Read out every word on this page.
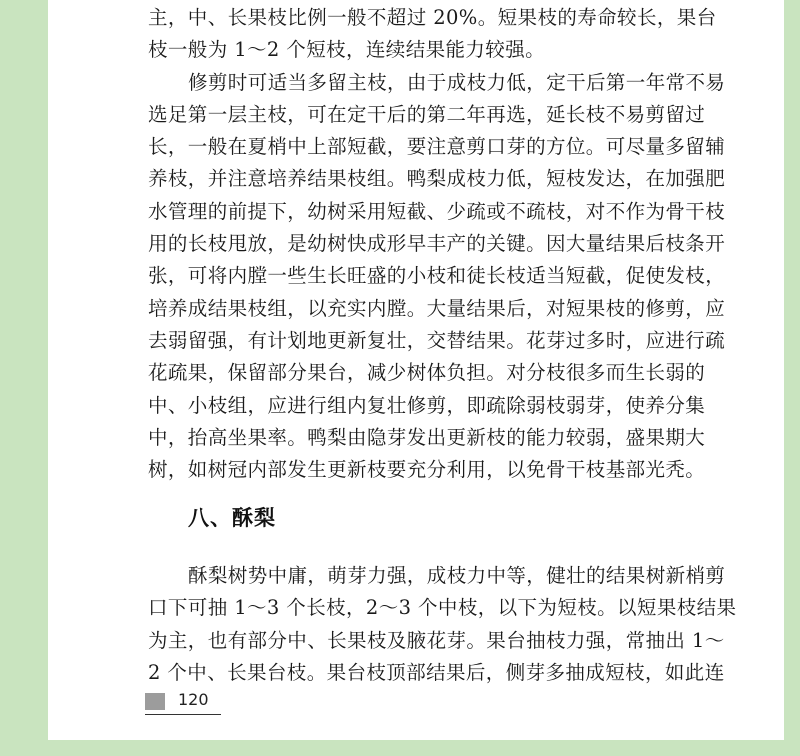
主，中、长果枝比例一般不超过 20%。短果枝的寿命较长，果台
枝一般为 1～2 个短枝，连续结果能力较强。
修剪时可适当多留主枝，由于成枝力低，定干后第一年常不易
选足第一层主枝，可在定干后的第二年再选，延长枝不易剪留过
长，一般在夏梢中上部短截，要注意剪口芽的方位。可尽量多留辅
养枝，并注意培养结果枝组。鸭梨成枝力低，短枝发达，在加强肥
水管理的前提下，幼树采用短截、少疏或不疏枝，对不作为骨干枝
用的长枝甩放，是幼树快成形早丰产的关键。因大量结果后枝条开
张，可将内膛一些生长旺盛的小枝和徒长枝适当短截，促使发枝，
培养成结果枝组，以充实内膛。大量结果后，对短果枝的修剪，应
去弱留强，有计划地更新复壮，交替结果。花芽过多时，应进行疏
花疏果，保留部分果台，减少树体负担。对分枝很多而生长弱的
中、小枝组，应进行组内复壮修剪，即疏除弱枝弱芽，使养分集
中，抬高坐果率。鸭梨由隐芽发出更新枝的能力较弱，盛果期大
树，如树冠内部发生更新枝要充分利用，以免骨干枝基部光秃。
八、酥梨
酥梨树势中庸，萌芽力强，成枝力中等，健壮的结果树新梢剪
口下可抽 1～3 个长枝，2～3 个中枝，以下为短枝。以短果枝结果
为主，也有部分中、长果枝及腋花芽。果台抽枝力强，常抽出 1～
2 个中、长果台枝。果台枝顶部结果后，侧芽多抽成短枝，如此连
120
